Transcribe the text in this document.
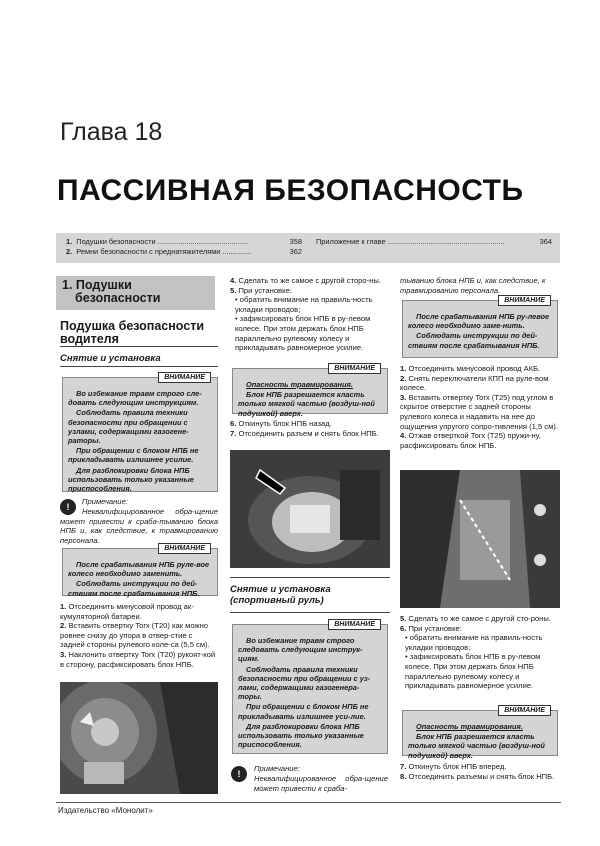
Глава 18
ПАССИВНАЯ БЕЗОПАСНОСТЬ
1. Подушки безопасности ............................................	358
2. Ремни безопасности с преднатяжителями ..............	362
Приложение к главе .........................................................	364
1. Подушки
безопасности
Подушка безопасности
водителя
Снятие и установка
ВНИМАНИЕ

Во избежание травм строго сле-довать следующим инструкциям.

Соблюдать правила техники безопасности при обращении с узлами, содержащими газогене-раторы.

При обращении с блоком НПБ не прикладывать излишнее усилие.

Для разблокировки блока НПБ использовать только указанные приспособления.

!
Примечание:
Неквалифицированное обра-щение может привести к сраба-тыванию блока НПБ и, как следствие, к травмированию персонала.
ВНИМАНИЕ

После срабатывания НПБ руле-вое колесо необходимо заменить.

Соблюдать инструкции по дей-ствиям после срабатывания НПБ.

1. Отсоединить минусовой провод ак-кумуляторной батареи.

2. Вставить отвертку Torx (T20) как можно ровнее снизу до упора в отвер-стие с задней стороны рулевого коле-са (5,5 см).

3. Наклонить отвертку Torx (T20) рукоят-кой в сторону, расфиксировать блок НПБ.

4. Сделать то же самое с другой сторо-ны.

5. При установке:

• обратить внимание на правиль-ность укладки проводов;

• зафиксировать блок НПБ в ру-левом колесе. При этом держать блок НПБ параллельно рулевому колесу и прикладывать равномерное усилие.

ВНИМАНИЕ

Опасность травмирования.

Блок НПБ разрешается класть только мягкой частью (воздуш-ной подушкой) вверх.

6. Откинуть блок НПБ назад.

7. Отсоединить разъем и снять блок НПБ.

Снятие и установка
(спортивный руль)
ВНИМАНИЕ

Во избежание травм строго следовать следующим инструк-циям.

Соблюдать правила техники безопасности при обращении с уз-лами, содержащими газогенера-торы.

При обращении с блоком НПБ не прикладывать излишнее уси-лие.

Для разблокировки блока НПБ использовать только указанные приспособления.

!
Примечание:
Неквалифицированное обра-щение может привести к сраба-
тыванию блока НПБ и, как следствие, к травмированию персонала.
ВНИМАНИЕ

После срабатывания НПБ ру-левое колесо необходимо заме-нить.

Соблюдать инструкции по дей-ствиям после срабатывания НПБ.

1. Отсоединить минусовой провод АКБ.

2. Снять переключатели КПП на руле-вом колесе.

3. Вставить отвертку Torx (T25) под углом в скрытое отверстие с задней стороны рулевого колеса и надавить на нее до ощущения упругого сопро-тивления (1,5 см).

4. Отжав отверткой Torx (T25) пружи-ну, расфиксировать блок НПБ.

5. Сделать то же самое с другой сто-роны.

6. При установке:

• обратить внимание на правиль-ность укладки проводов;

• зафиксировать блок НПБ в ру-левом колесе. При этом держать блок НПБ параллельно рулевому колесу и прикладывать равномерное усилие.

ВНИМАНИЕ

Опасность травмирования.

Блок НПБ разрешается класть только мягкой частью (воздуш-ной подушкой) вверх.

7. Откинуть блок НПБ вперед.

8. Отсоединить разъемы и снять блок НПБ.

Издательство «Монолит»
